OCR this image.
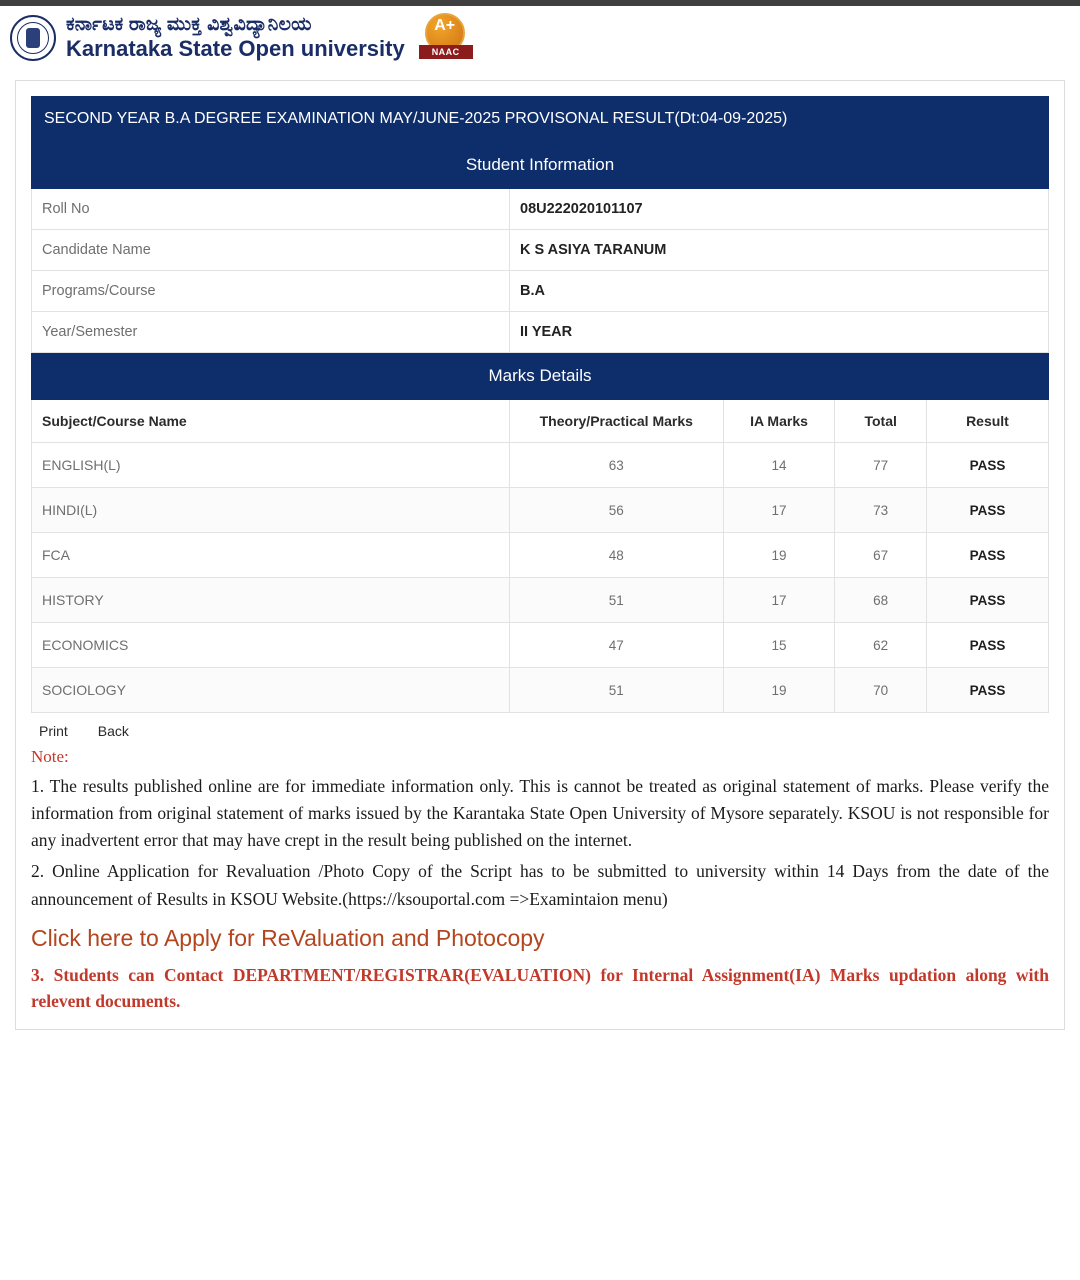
ಕರ್ನಾಟಕ ರಾಜ್ಯ ಮುಕ್ತ ವಿಶ್ವವಿದ್ಯಾನಿಲಯ
Karnataka State Open university
A+
NAAC
SECOND YEAR B.A DEGREE EXAMINATION MAY/JUNE-2025 PROVISONAL RESULT(Dt:04-09-2025)				
Student Information				
Roll No	08U222020101107			
Candidate Name	K S ASIYA TARANUM			
Programs/Course	B.A			
Year/Semester	II YEAR			
Marks Details				
Subject/Course Name	Theory/Practical Marks	IA Marks	Total	Result
ENGLISH(L)	63	14	77	PASS
HINDI(L)	56	17	73	PASS
FCA	48	19	67	PASS
HISTORY	51	17	68	PASS
ECONOMICS	47	15	62	PASS
SOCIOLOGY	51	19	70	PASS
Print Back
Note:

1. The results published online are for immediate information only. This is cannot be treated as original statement of marks. Please verify the information from original statement of marks issued by the Karantaka State Open University of Mysore separately. KSOU is not responsible for any inadvertent error that may have crept in the result being published on the internet.

2. Online Application for Revaluation /Photo Copy of the Script has to be submitted to university within 14 Days from the date of the announcement of Results in KSOU Website.(https://ksouportal.com =>Examintaion menu)

Click here to Apply for ReValuation and Photocopy

3. Students can Contact DEPARTMENT/REGISTRAR(EVALUATION) for Internal Assignment(IA) Marks updation along with relevent documents.
